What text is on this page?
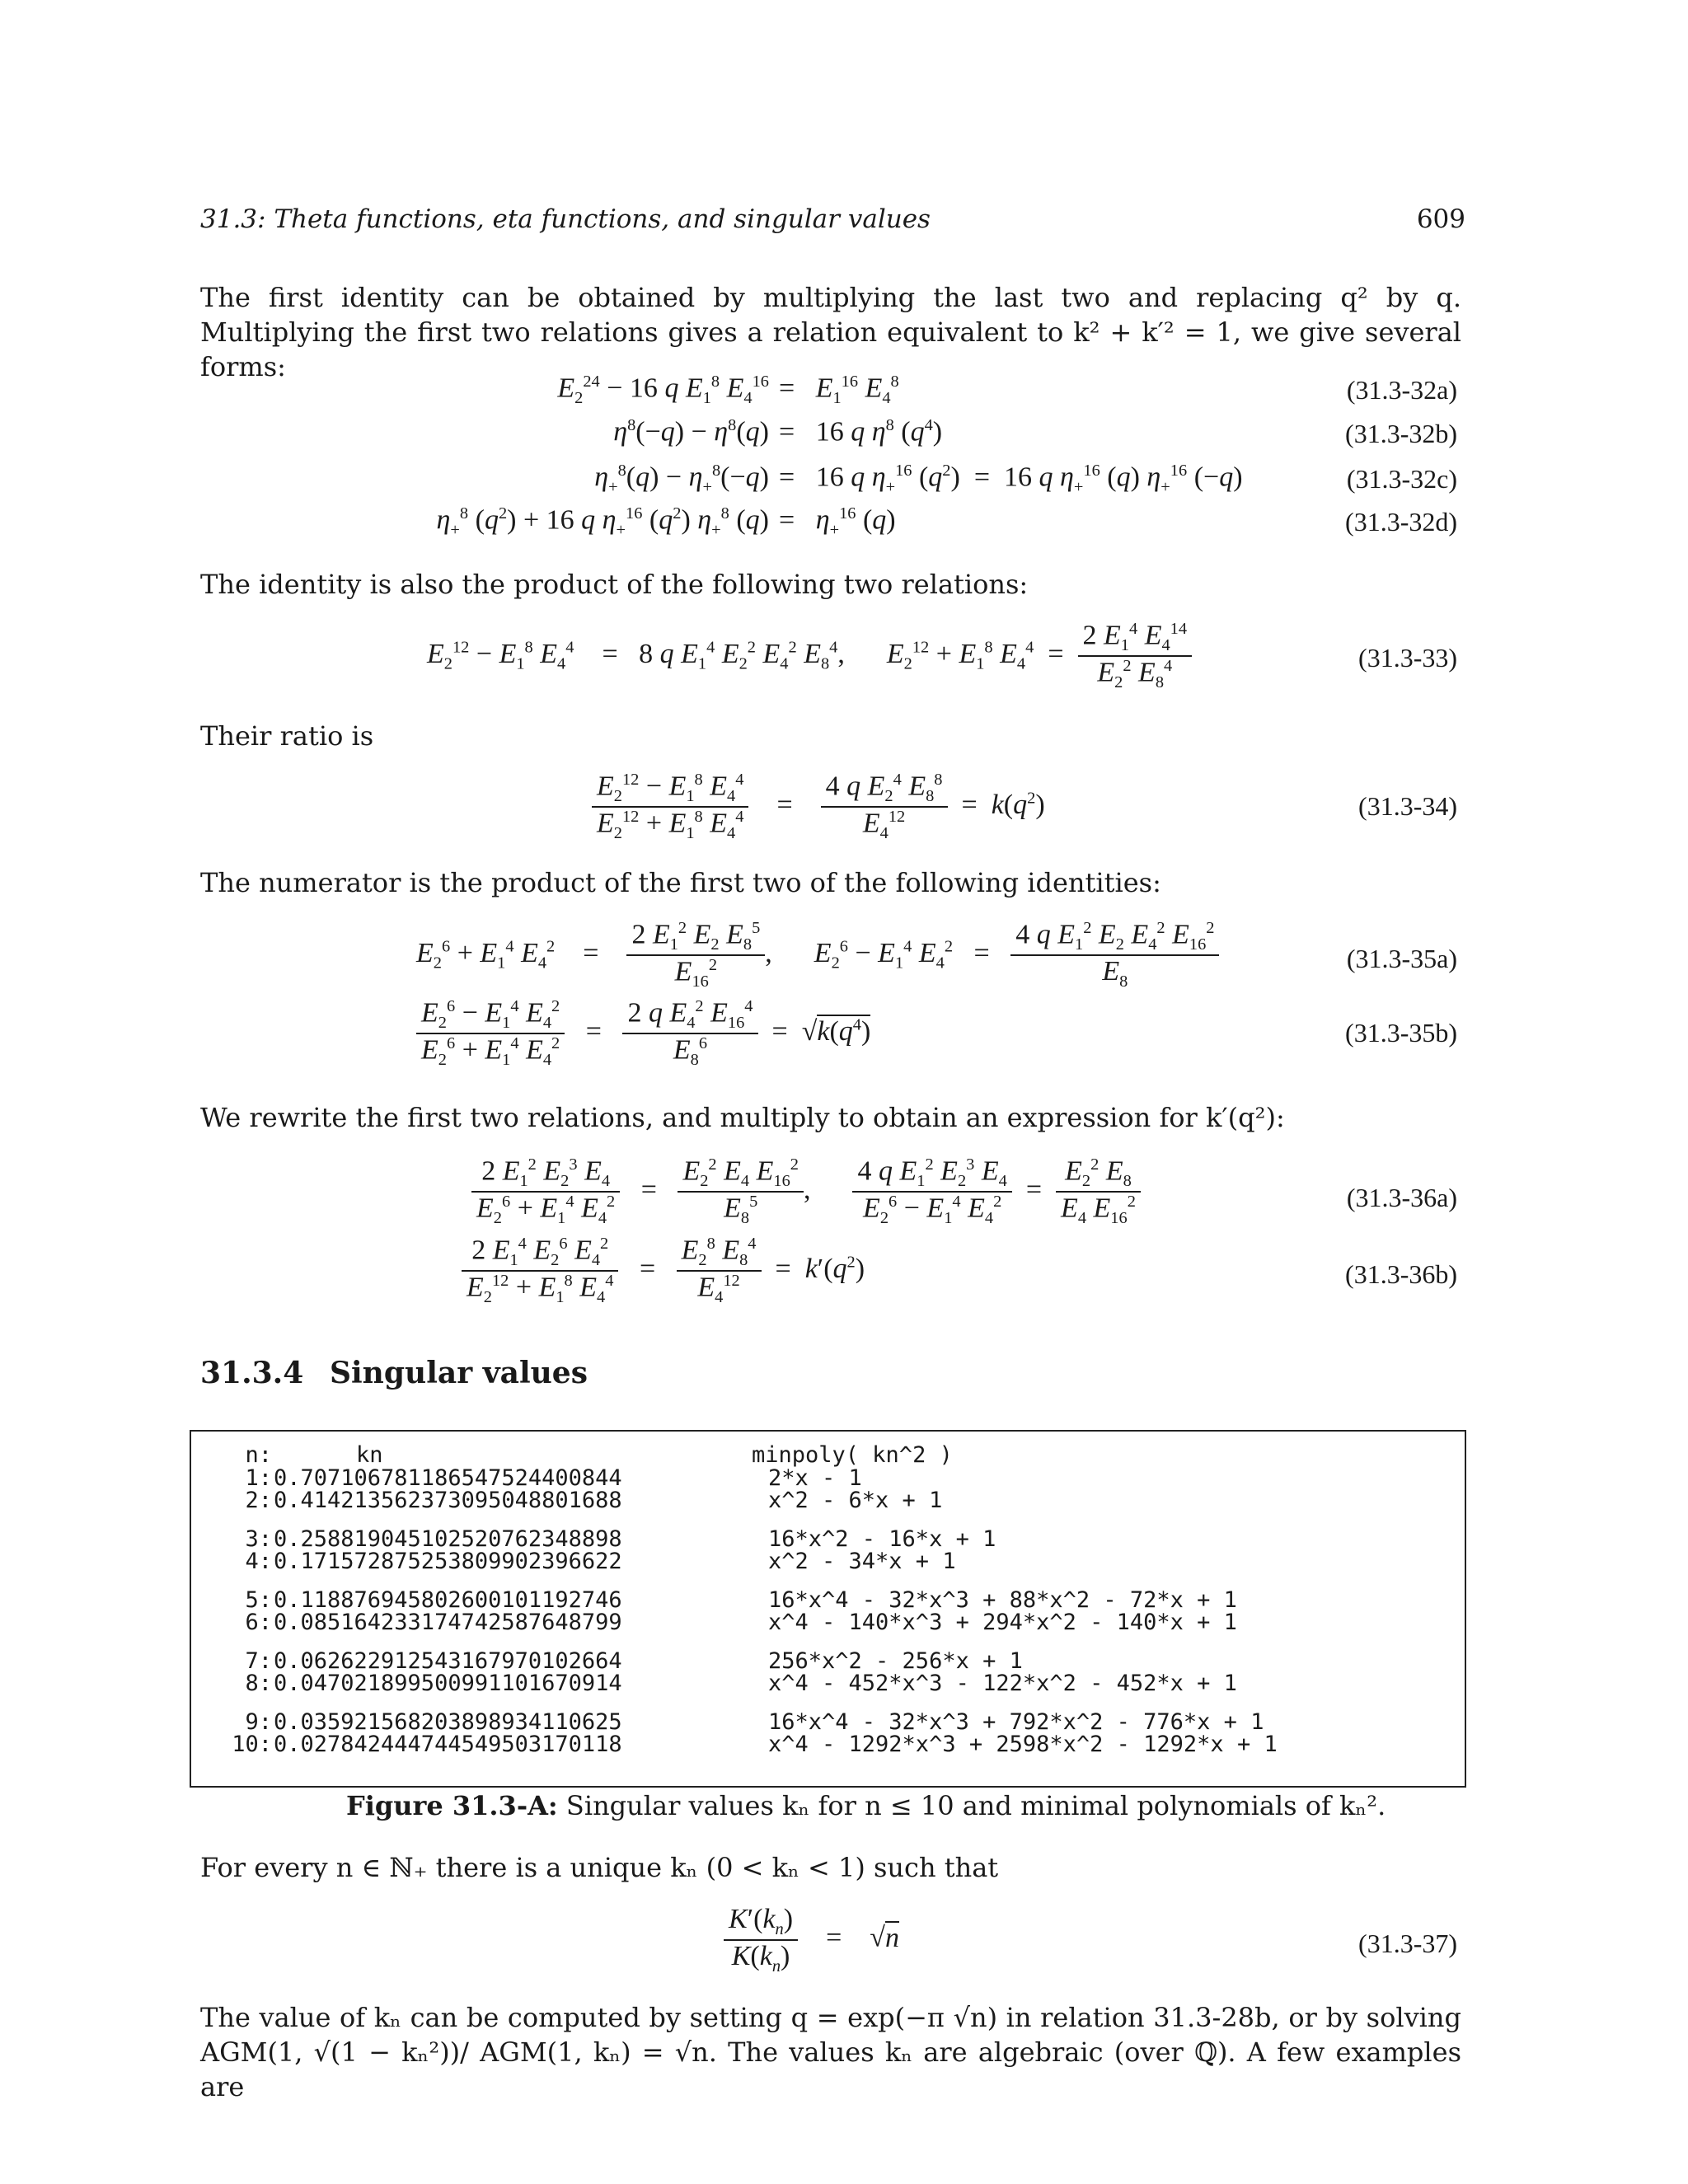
31.3: Theta functions, eta functions, and singular values	609
The first identity can be obtained by multiplying the last two and replacing q² by q. Multiplying the first two relations gives a relation equivalent to k² + k′² = 1, we give several forms:
$E_2^{24} - 16$ q $E_1^8$ $E_4^{16} = E_1^{16}$ $E_4^8$	(31.3-32a)
$\eta^8(-q) - \eta^8(q) = 16$ q $\eta^8$ $(q^4)$	(31.3-32b)
$\eta_+^8(q) - \eta_+^8(-q) = 16$ q $\eta_+^{16}$ $(q^2) = 16$ q $\eta_+^{16}$ (q) $\eta_+^{16}$ (−q)	(31.3-32c)
$\eta_+^8$ $(q^2) + 16$ q $\eta_+^{16}$ $(q^2)$ $\eta_+^8$ $(q) = \eta_+^{16}$ (q)	(31.3-32d)
The identity is also the product of the following two relations:
$E_2^{12} - E_1^8$ $E_4^4 = 8$ q $E_1^4$ $E_2^2$ $E_4^2$ $E_8^4$,      $E_2^{12} + E_1^8$ $E_4^4 = \frac{2 E_1^4 E_4^{14}}{E_2^2 E_8^4}$	(31.3-33)
Their ratio is
$\frac{E_2^{12} - E_1^8 E_4^4}{E_2^{12} + E_1^8 E_4^4} = \frac{4 q E_2^4 E_8^8}{E_4^{12}} = k(q^2)$	(31.3-34)
The numerator is the product of the first two of the following identities:
$E_2^6 + E_1^4$ $E_4^2 = \frac{2 E_1^2 E_2 E_8^5}{E_{16}^2}$ ,      $E_2^6 - E_1^4$ $E_4^2 = \frac{4 q E_1^2 E_2 E_4^2 E_{16}^2}{E_8}$	(31.3-35a)
$\frac{E_2^6 - E_1^4 E_4^2}{E_2^6 + E_1^4 E_4^2} = \frac{2 q E_4^2 E_{16}^4}{E_8^6} = √k(q^4)$	(31.3-35b)
We rewrite the first two relations, and multiply to obtain an expression for k′(q²):
$\frac{2 E_1^2 E_2^3 E_4}{E_2^6 + E_1^4 E_4^2} = \frac{E_2^2 E_4 E_{16}^2}{E_8^5}$ , $\frac{4 q E_1^2 E_2^3 E_4}{E_2^6 - E_1^4 E_4^2} = \frac{E_2^2 E_8}{E_4 E_{16}^2}$	(31.3-36a)
$\frac{2 E_1^4 E_2^6 E_4^2}{E_2^{12} + E_1^8 E_4^4} = \frac{E_2^8 E_8^4}{E_4^{12}} = k'(q^2)$	(31.3-36b)
31.3.4 Singular values
n:	kn	minpoly( kn^2 )
1: 0.707106781186547524400844	2*x - 1
2: 0.414213562373095048801688	x^2 - 6*x + 1
3: 0.258819045102520762348898	16*x^2 - 16*x + 1
4: 0.171572875253809902396622	x^2 - 34*x + 1
5: 0.118876945802600101192746	16*x^4 - 32*x^3 + 88*x^2 - 72*x + 1
6: 0.085164233174742587648799	x^4 - 140*x^3 + 294*x^2 - 140*x + 1
7: 0.062622912543167970102664	256*x^2 - 256*x + 1
8: 0.047021899500991101670914	x^4 - 452*x^3 - 122*x^2 - 452*x + 1
9: 0.035921568203898934110625	16*x^4 - 32*x^3 + 792*x^2 - 776*x + 1
10: 0.027842444744549503170118	x^4 - 1292*x^3 + 2598*x^2 - 1292*x + 1
Figure 31.3-A: Singular values kₙ for n ≤ 10 and minimal polynomials of kₙ².
For every n ∈ ℕ₊ there is a unique kₙ (0 < kₙ < 1) such that
$\frac{K'(k_n)}{K(k_n)} = √n$	(31.3-37)
The value of kₙ can be computed by setting q = exp(−π √n) in relation 31.3-28b, or by solving AGM(1, √(1 − kₙ²))/ AGM(1, kₙ) = √n. The values kₙ are algebraic (over ℚ). A few examples are
